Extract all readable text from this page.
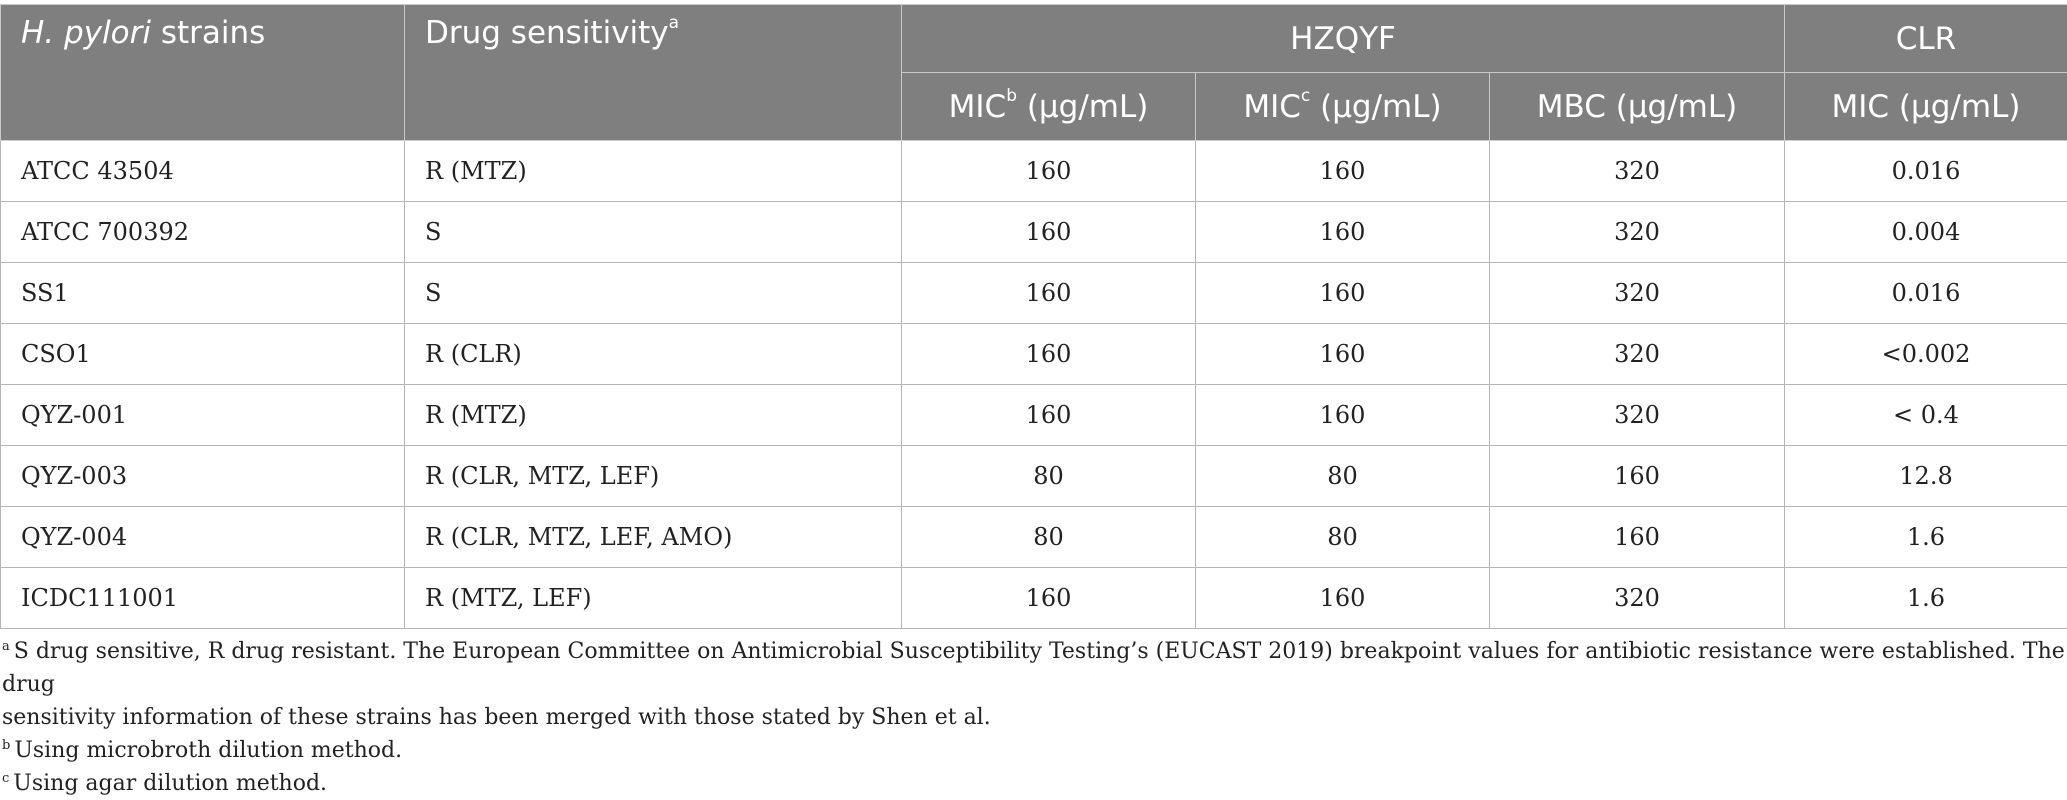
H. pylori strains	Drug sensitivity$^a$	HZQYF			CLR
		MIC$^b$ (µg/mL)	MIC$^c$ (µg/mL)	MBC (µg/mL)	MIC (µg/mL)
ATCC 43504	R (MTZ)	160	160	320	0.016
ATCC 700392	S	160	160	320	0.004
SS1	S	160	160	320	0.016
CSO1	R (CLR)	160	160	320	<0.002
QYZ-001	R (MTZ)	160	160	320	< 0.4
QYZ-003	R (CLR, MTZ, LEF)	80	80	160	12.8
QYZ-004	R (CLR, MTZ, LEF, AMO)	80	80	160	1.6
ICDC111001	R (MTZ, LEF)	160	160	320	1.6

$^a$ S drug sensitive, R drug resistant. The European Committee on Antimicrobial Susceptibility Testing’s (EUCAST 2019) breakpoint values for antibiotic resistance were established. The drug

sensitivity information of these strains has been merged with those stated by Shen et al.

$^b$ Using microbroth dilution method.

$^c$ Using agar dilution method.
